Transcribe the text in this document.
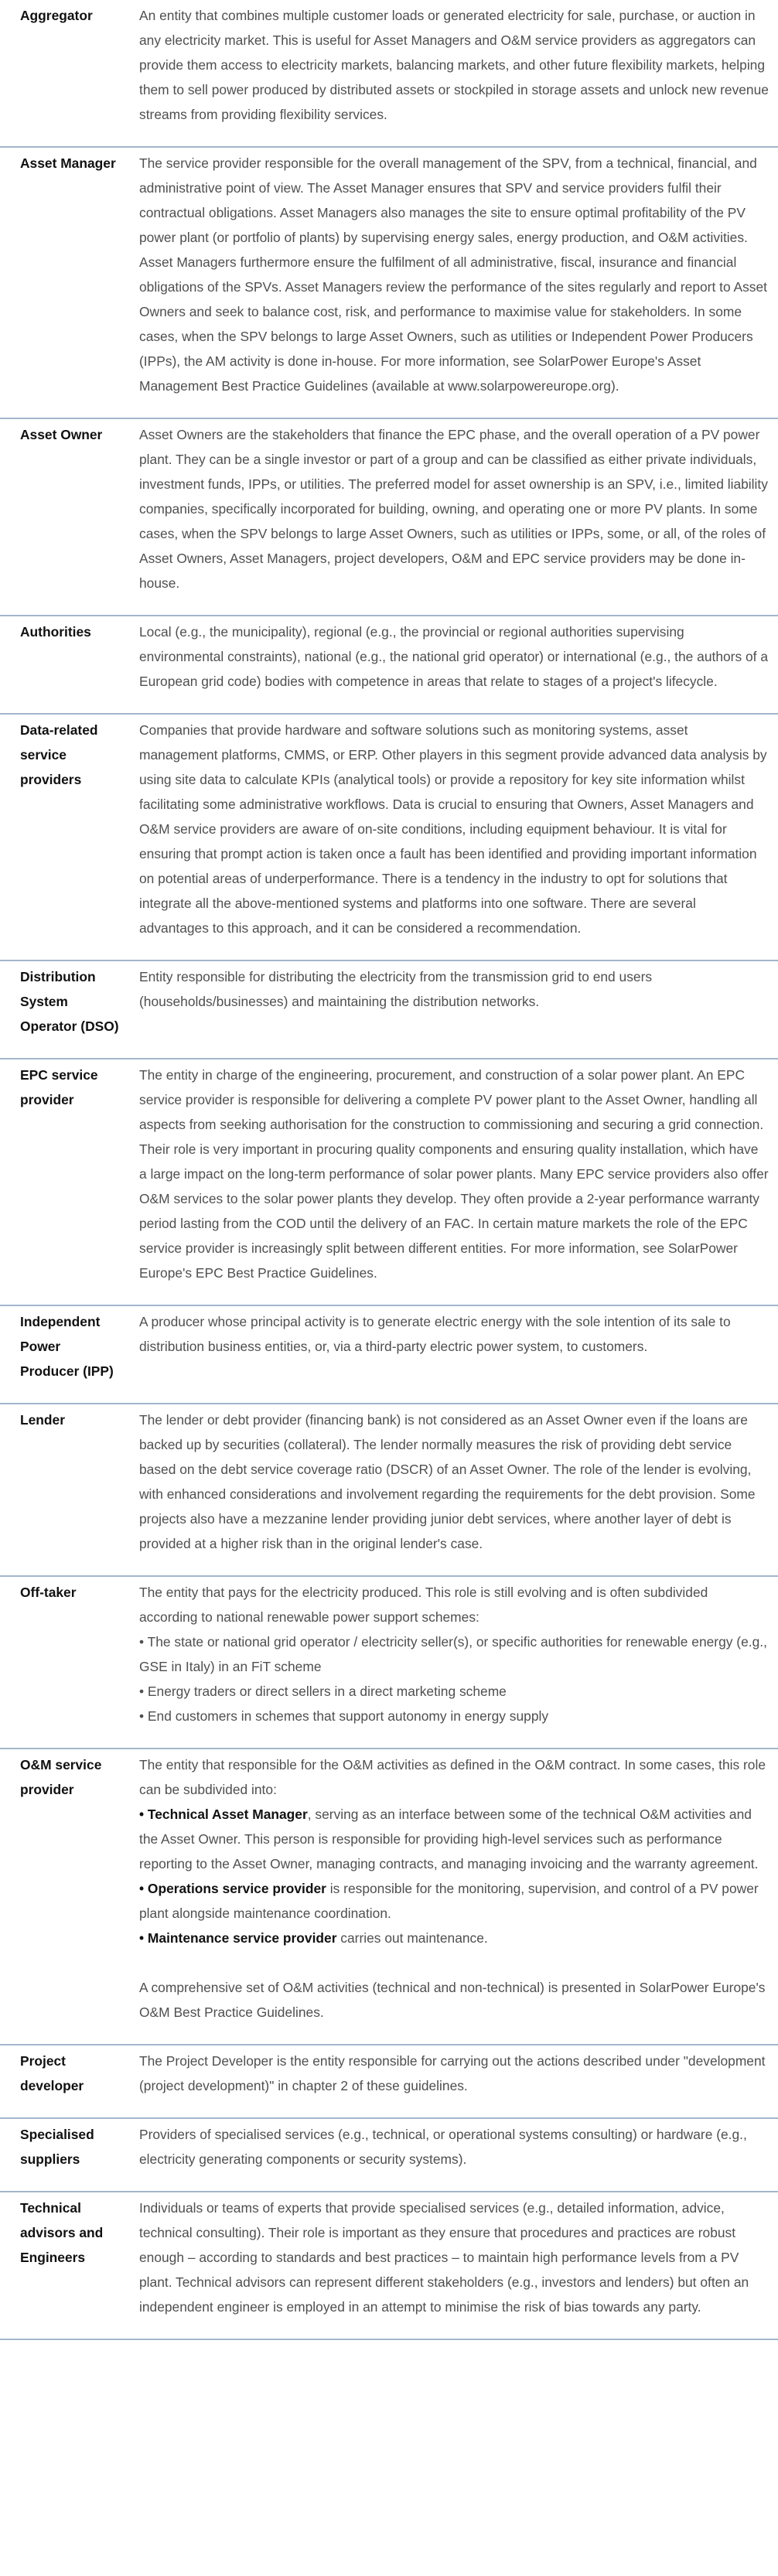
Aggregator	An entity that combines multiple customer loads or generated electricity for sale, purchase, or auction in any electricity market. This is useful for Asset Managers and O&M service providers as aggregators can provide them access to electricity markets, balancing markets, and other future flexibility markets, helping them to sell power produced by distributed assets or stockpiled in storage assets and unlock new revenue streams from providing flexibility services.
Asset Manager	The service provider responsible for the overall management of the SPV, from a technical, financial, and administrative point of view. The Asset Manager ensures that SPV and service providers fulfil their contractual obligations. Asset Managers also manages the site to ensure optimal profitability of the PV power plant (or portfolio of plants) by supervising energy sales, energy production, and O&M activities. Asset Managers furthermore ensure the fulfilment of all administrative, fiscal, insurance and financial obligations of the SPVs. Asset Managers review the performance of the sites regularly and report to Asset Owners and seek to balance cost, risk, and performance to maximise value for stakeholders. In some cases, when the SPV belongs to large Asset Owners, such as utilities or Independent Power Producers (IPPs), the AM activity is done in-house. For more information, see SolarPower Europe's Asset Management Best Practice Guidelines (available at www.solarpowereurope.org).
Asset Owner	Asset Owners are the stakeholders that finance the EPC phase, and the overall operation of a PV power plant. They can be a single investor or part of a group and can be classified as either private individuals, investment funds, IPPs, or utilities. The preferred model for asset ownership is an SPV, i.e., limited liability companies, specifically incorporated for building, owning, and operating one or more PV plants. In some cases, when the SPV belongs to large Asset Owners, such as utilities or IPPs, some, or all, of the roles of Asset Owners, Asset Managers, project developers, O&M and EPC service providers may be done in-house.
Authorities	Local (e.g., the municipality), regional (e.g., the provincial or regional authorities supervising environmental constraints), national (e.g., the national grid operator) or international (e.g., the authors of a European grid code) bodies with competence in areas that relate to stages of a project's lifecycle.
Data-related service providers	Companies that provide hardware and software solutions such as monitoring systems, asset management platforms, CMMS, or ERP. Other players in this segment provide advanced data analysis by using site data to calculate KPIs (analytical tools) or provide a repository for key site information whilst facilitating some administrative workflows. Data is crucial to ensuring that Owners, Asset Managers and O&M service providers are aware of on-site conditions, including equipment behaviour. It is vital for ensuring that prompt action is taken once a fault has been identified and providing important information on potential areas of underperformance. There is a tendency in the industry to opt for solutions that integrate all the above-mentioned systems and platforms into one software. There are several advantages to this approach, and it can be considered a recommendation.
Distribution System Operator (DSO)	Entity responsible for distributing the electricity from the transmission grid to end users (households/businesses) and maintaining the distribution networks.
EPC service provider	The entity in charge of the engineering, procurement, and construction of a solar power plant. An EPC service provider is responsible for delivering a complete PV power plant to the Asset Owner, handling all aspects from seeking authorisation for the construction to commissioning and securing a grid connection. Their role is very important in procuring quality components and ensuring quality installation, which have a large impact on the long-term performance of solar power plants. Many EPC service providers also offer O&M services to the solar power plants they develop. They often provide a 2-year performance warranty period lasting from the COD until the delivery of an FAC. In certain mature markets the role of the EPC service provider is increasingly split between different entities. For more information, see SolarPower Europe's EPC Best Practice Guidelines.
Independent Power Producer (IPP)	A producer whose principal activity is to generate electric energy with the sole intention of its sale to distribution business entities, or, via a third-party electric power system, to customers.
Lender	The lender or debt provider (financing bank) is not considered as an Asset Owner even if the loans are backed up by securities (collateral). The lender normally measures the risk of providing debt service based on the debt service coverage ratio (DSCR) of an Asset Owner. The role of the lender is evolving, with enhanced considerations and involvement regarding the requirements for the debt provision. Some projects also have a mezzanine lender providing junior debt services, where another layer of debt is provided at a higher risk than in the original lender's case.
Off-taker	The entity that pays for the electricity produced. This role is still evolving and is often subdivided according to national renewable power support schemes:
• The state or national grid operator / electricity seller(s), or specific authorities for renewable energy (e.g., GSE in Italy) in an FiT scheme
• Energy traders or direct sellers in a direct marketing scheme
• End customers in schemes that support autonomy in energy supply

O&M service provider	The entity that responsible for the O&M activities as defined in the O&M contract. In some cases, this role can be subdivided into:
• Technical Asset Manager, serving as an interface between some of the technical O&M activities and the Asset Owner. This person is responsible for providing high-level services such as performance reporting to the Asset Owner, managing contracts, and managing invoicing and the warranty agreement.
• Operations service provider is responsible for the monitoring, supervision, and control of a PV power plant alongside maintenance coordination.
• Maintenance service provider carries out maintenance.
A comprehensive set of O&M activities (technical and non-technical) is presented in SolarPower Europe's O&M Best Practice Guidelines.

Project developer	The Project Developer is the entity responsible for carrying out the actions described under "development (project development)" in chapter 2 of these guidelines.
Specialised suppliers	Providers of specialised services (e.g., technical, or operational systems consulting) or hardware (e.g., electricity generating components or security systems).
Technical advisors and Engineers	Individuals or teams of experts that provide specialised services (e.g., detailed information, advice, technical consulting). Their role is important as they ensure that procedures and practices are robust enough – according to standards and best practices – to maintain high performance levels from a PV plant. Technical advisors can represent different stakeholders (e.g., investors and lenders) but often an independent engineer is employed in an attempt to minimise the risk of bias towards any party.
